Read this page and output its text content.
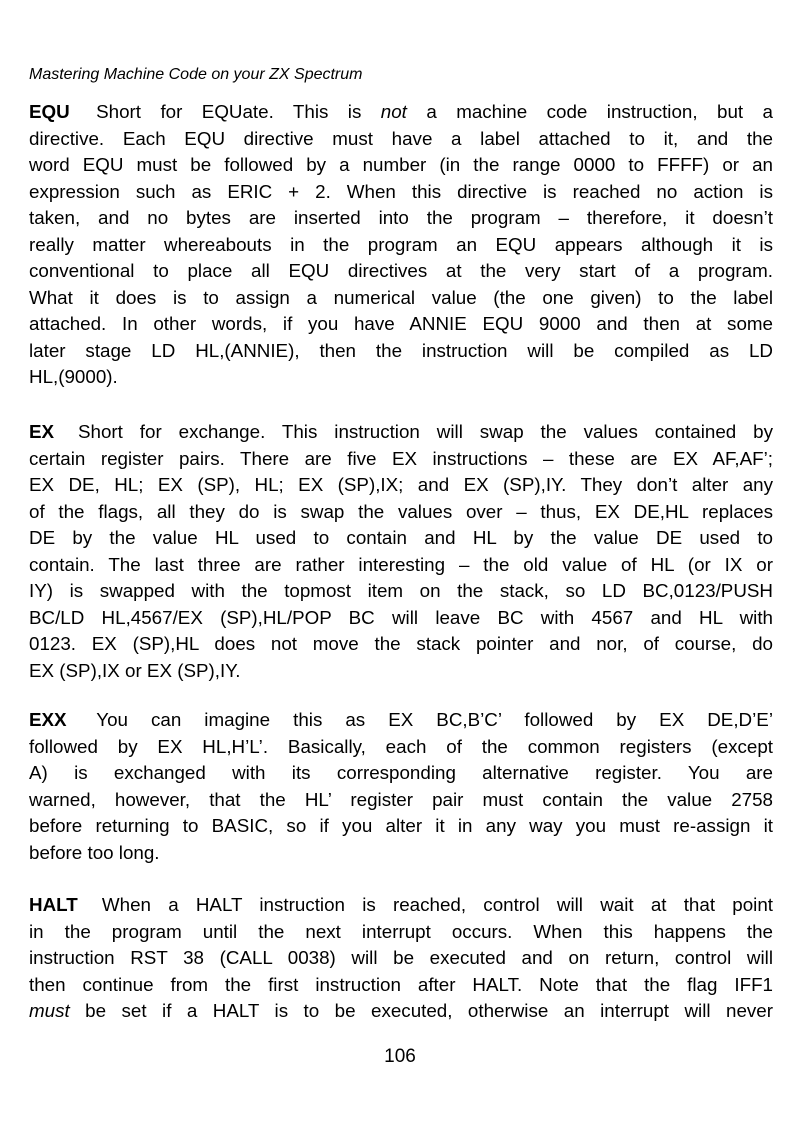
Mastering Machine Code on your ZX Spectrum
EQU Short for EQUate. This is not a machine code instruction, but a
directive. Each EQU directive must have a label attached to it, and the
word EQU must be followed by a number (in the range 0000 to FFFF) or an
expression such as ERIC + 2. When this directive is reached no action is
taken, and no bytes are inserted into the program – therefore, it doesn’t
really matter whereabouts in the program an EQU appears although it is
conventional to place all EQU directives at the very start of a program.
What it does is to assign a numerical value (the one given) to the label
attached. In other words, if you have ANNIE EQU 9000 and then at some
later stage LD HL,(ANNIE), then the instruction will be compiled as LD
HL,(9000).
EX Short for exchange. This instruction will swap the values contained by
certain register pairs. There are five EX instructions – these are EX AF,AF’;
EX DE, HL; EX (SP), HL; EX (SP),IX; and EX (SP),IY. They don’t alter any
of the flags, all they do is swap the values over – thus, EX DE,HL replaces
DE by the value HL used to contain and HL by the value DE used to
contain. The last three are rather interesting – the old value of HL (or IX or
IY) is swapped with the topmost item on the stack, so LD BC,0123/PUSH
BC/LD HL,4567/EX (SP),HL/POP BC will leave BC with 4567 and HL with
0123. EX (SP),HL does not move the stack pointer and nor, of course, do
EX (SP),IX or EX (SP),IY.
EXX You can imagine this as EX BC,B’C’ followed by EX DE,D’E’
followed by EX HL,H’L’. Basically, each of the common registers (except
A) is exchanged with its corresponding alternative register. You are
warned, however, that the HL’ register pair must contain the value 2758
before returning to BASIC, so if you alter it in any way you must re-assign it
before too long.
HALT When a HALT instruction is reached, control will wait at that point
in the program until the next interrupt occurs. When this happens the
instruction RST 38 (CALL 0038) will be executed and on return, control will
then continue from the first instruction after HALT. Note that the flag IFF1
must be set if a HALT is to be executed, otherwise an interrupt will never
106
